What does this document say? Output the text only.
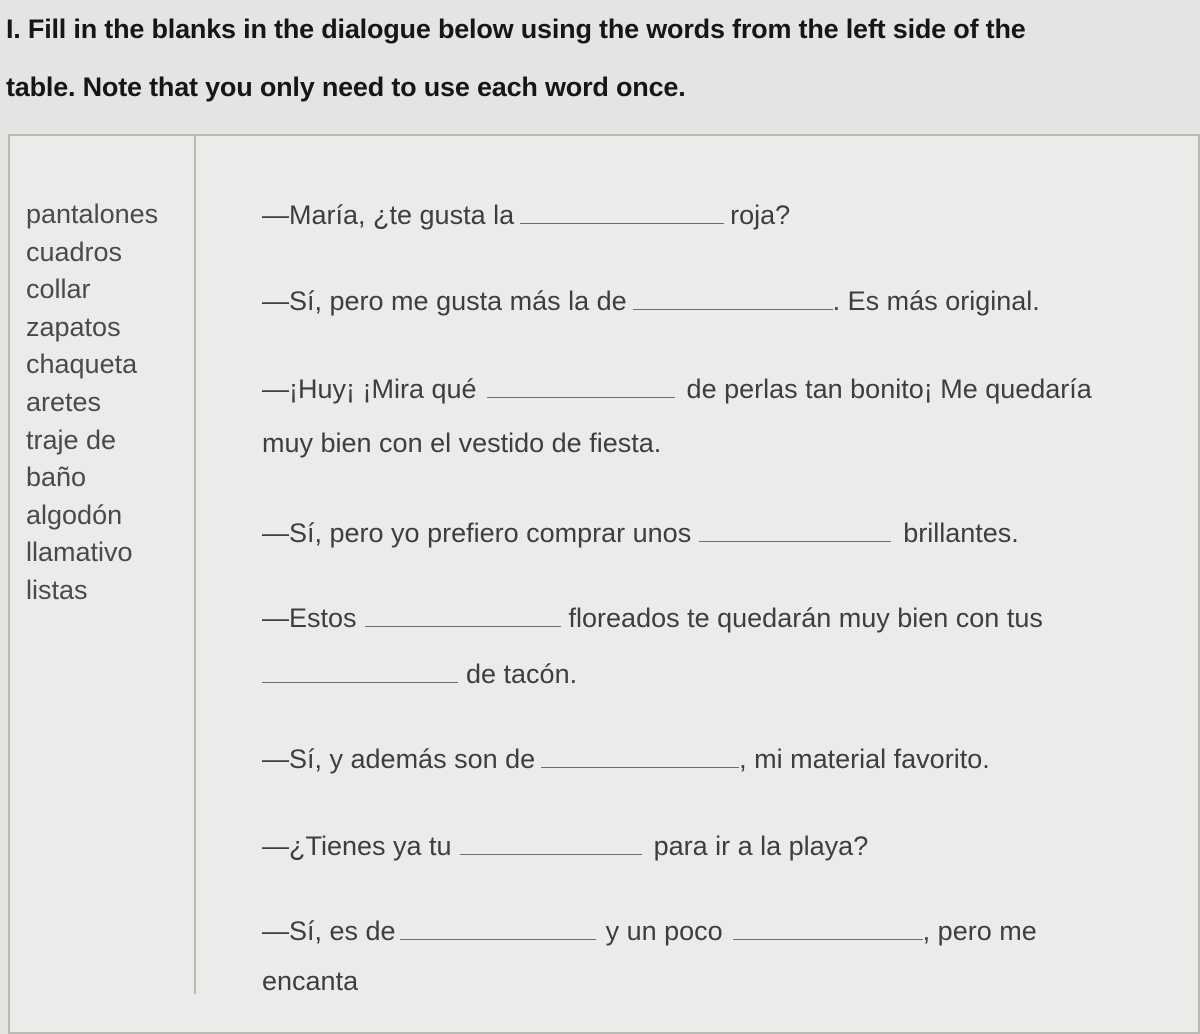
I. Fill in the blanks in the dialogue below using the words from the left side of the
table. Note that you only need to use each word once.
pantalones
cuadros
collar
zapatos
chaqueta
aretes
traje de
baño
algodón
llamativo
listas
—María, ¿te gusta la	roja?
—Sí, pero me gusta más la de	. Es más original.
—¡Huy¡ ¡Mira qué	de perlas tan bonito¡ Me quedaría
muy bien con el vestido de fiesta.
—Sí, pero yo prefiero comprar unos	brillantes.
—Estos	floreados te quedarán muy bien con tus
de tacón.
—Sí, y además son de	, mi material favorito.
—¿Tienes ya tu	para ir a la playa?
—Sí, es de	y un poco	, pero me
encanta
